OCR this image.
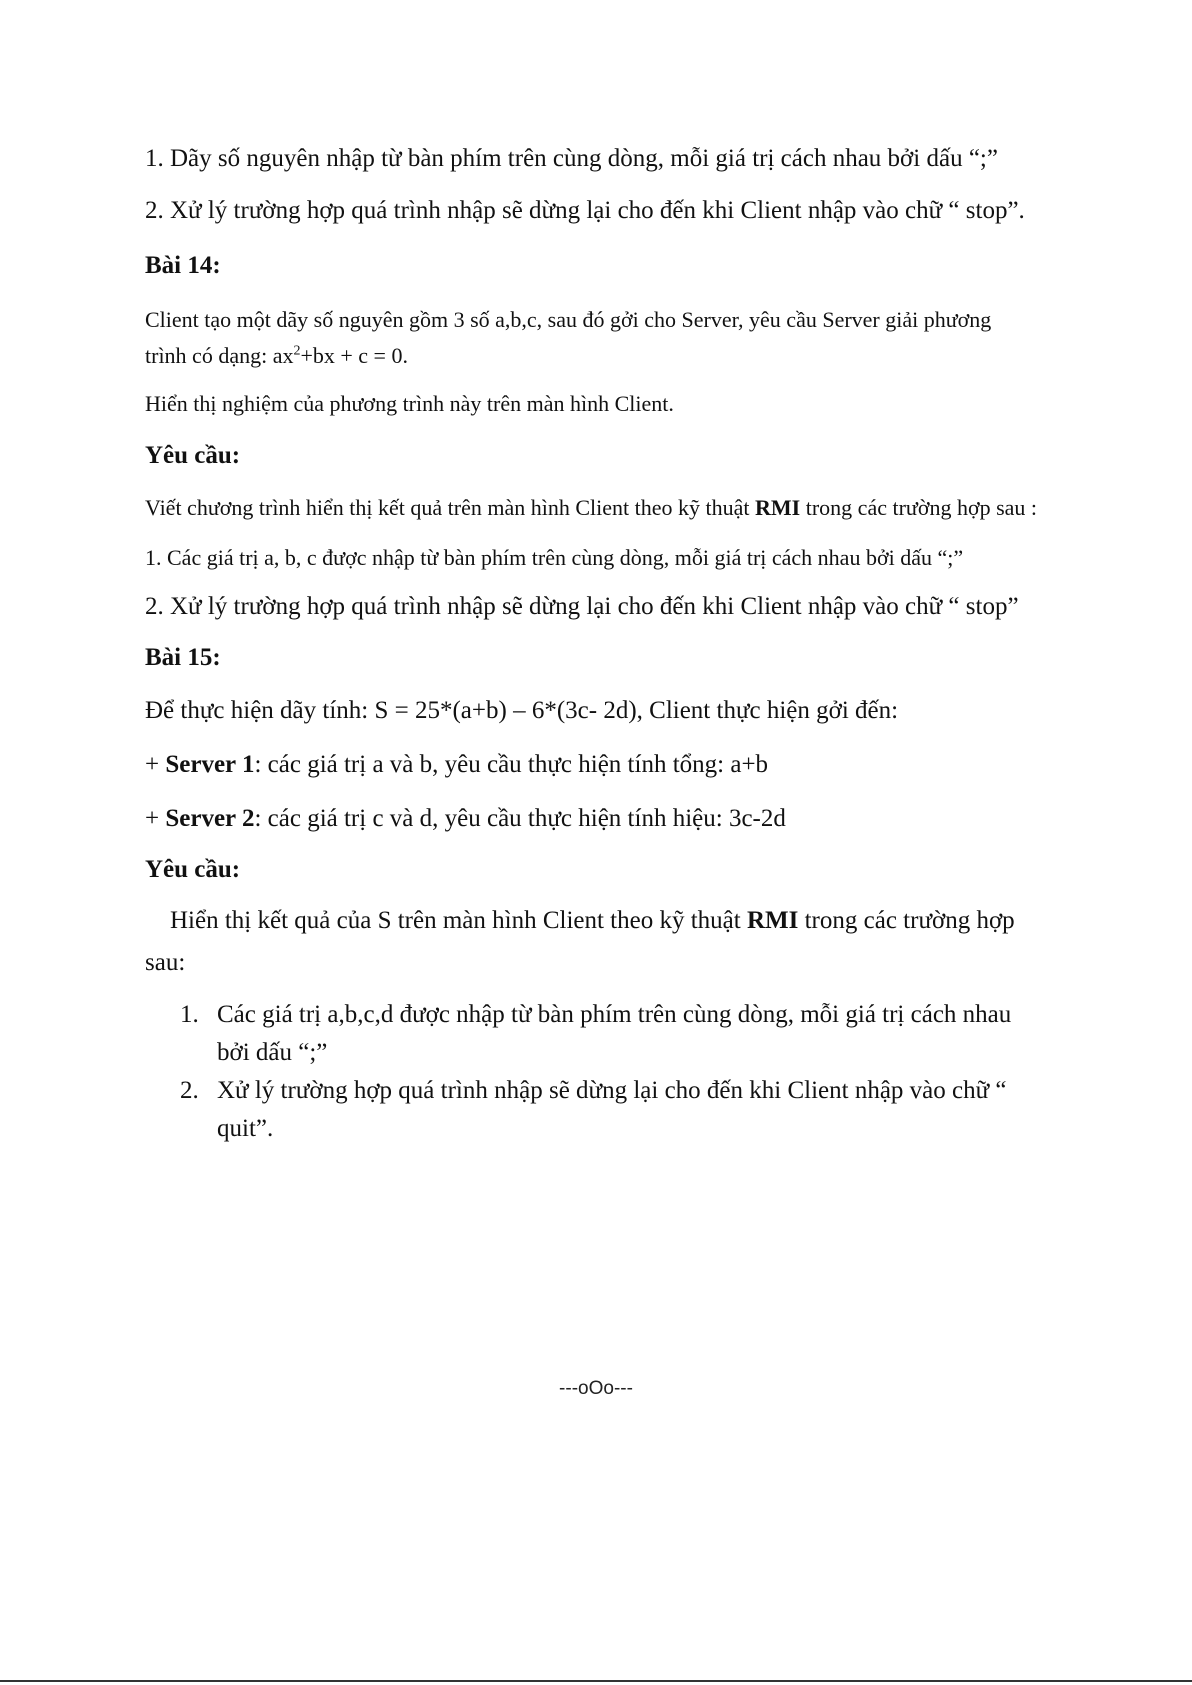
1. Dãy số nguyên nhập từ bàn phím trên cùng dòng, mỗi giá trị cách nhau bởi dấu “;”

2. Xử lý trường hợp quá trình nhập sẽ dừng lại cho đến khi Client nhập vào chữ “ stop”.

Bài 14:

Client tạo một dãy số nguyên gồm 3 số a,b,c, sau đó gởi cho Server, yêu cầu Server giải phương trình có dạng: $ax^2+bx + c = 0$.

Hiển thị nghiệm của phương trình này trên màn hình Client.

Yêu cầu:

Viết chương trình hiển thị kết quả trên màn hình Client theo kỹ thuật RMI trong các trường hợp sau :

1. Các giá trị a, b, c được nhập từ bàn phím trên cùng dòng, mỗi giá trị cách nhau bởi dấu “;”

2. Xử lý trường hợp quá trình nhập sẽ dừng lại cho đến khi Client nhập vào chữ “ stop”

Bài 15:

Để thực hiện dãy tính: S = 25*(a+b) – 6*(3c- 2d), Client thực hiện gởi đến:

+ Server 1: các giá trị a và b, yêu cầu thực hiện tính tổng: a+b

+ Server 2: các giá trị c và d, yêu cầu thực hiện tính hiệu: 3c-2d

Yêu cầu:

Hiển thị kết quả của S trên màn hình Client theo kỹ thuật RMI trong các trường hợp sau:

1. Các giá trị a,b,c,d được nhập từ bàn phím trên cùng dòng, mỗi giá trị cách nhau bởi dấu “;”
2. Xử lý trường hợp quá trình nhập sẽ dừng lại cho đến khi Client nhập vào chữ “ quit”.
---oOo---
